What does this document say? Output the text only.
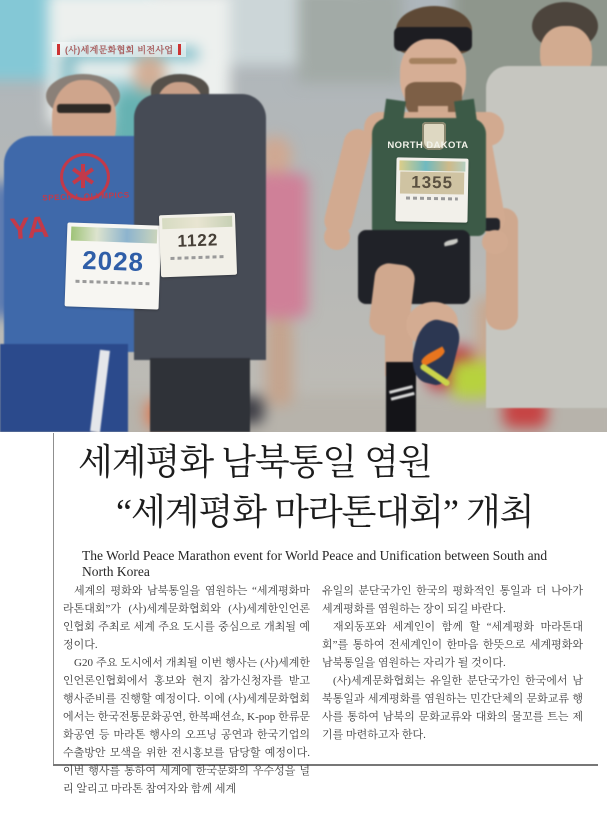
YA
SPECIAL OLYMPICS
2028
1122
NORTH DAKOTA
1355
(사)세계문화협회 비전사업
세계평화 남북통일 염원
“세계평화 마라톤대회” 개최
The World Peace Marathon event for World Peace and Unification between South and North Korea

세계의 평화와 남북통일을 염원하는 “세계평화마라톤대회”가 (사)세계문화협회와 (사)세계한인언론인협회 주최로 세계 주요 도시를 중심으로 개최될 예정이다.

G20 주요 도시에서 개최될 이번 행사는 (사)세계한인언론인협회에서 홍보와 현지 참가신청자를 받고 행사준비를 진행할 예정이다. 이에 (사)세계문화협회에서는 한국전통문화공연, 한복패션쇼, K-pop 한류문화공연 등 마라톤 행사의 오프닝 공연과 한국기업의 수출방안 모색을 위한 전시홍보를 담당할 예정이다. 이번 행사를 통하여 세계에 한국문화의 우수성을 널리 알리고 마라톤 참여자와 함께 세계

유일의 분단국가인 한국의 평화적인 통일과 더 나아가 세계평화를 염원하는 장이 되길 바란다.

재외동포와 세계인이 함께 할 “세계평화 마라톤대회”를 통하여 전세계인이 한마음 한뜻으로 세계평화와 남북통일을 염원하는 자리가 될 것이다.

(사)세계문화협회는 유일한 분단국가인 한국에서 남북통일과 세계평화를 염원하는 민간단체의 문화교류 행사를 통하여 남북의 문화교류와 대화의 물꼬를 트는 제기를 마련하고자 한다.
